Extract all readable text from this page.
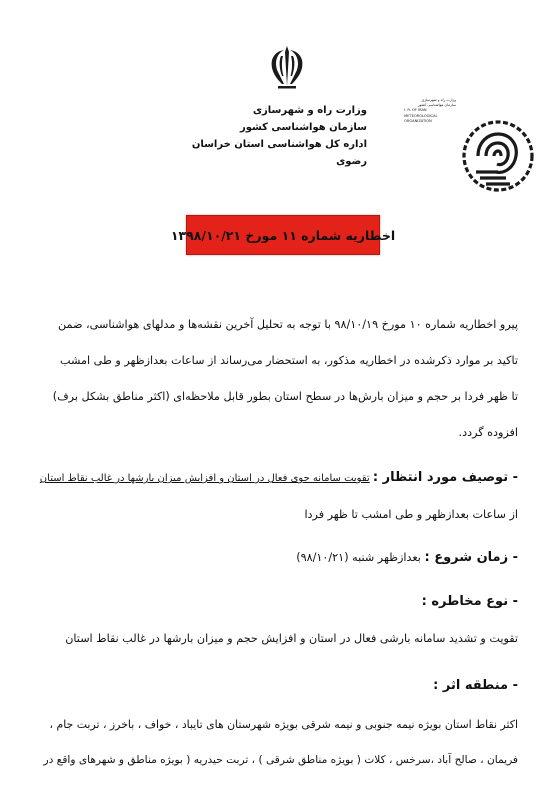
وزارت راه و شهرسازی
سازمان هواشناسی کشور
اداره کل هواشناسی استان خراسان رضوی
وزارت راه و شهرسازی
سازمان هواشناسی کشور
I. R. OF IRAN
METEOROLOGICAL
ORGANIZATION
اخطاریه شماره ۱۱ مورخ ۱۳۹۸/۱۰/۲۱
پیرو اخطاریه شماره ۱۰ مورخ ۹۸/۱۰/۱۹ با توجه به تحلیل آخرین نقشه‌ها و مدلهای هواشناسی، ضمن
تاکید بر موارد ذکرشده در اخطاریه مذکور، به استحضار می‌رساند از ساعات بعدازظهر و طی امشب
تا ظهر فردا بر حجم و میزان بارش‌ها در سطح استان بطور قابل ملاحظه‌ای (اکثر مناطق بشکل برف)
افزوده گردد.
- توصیف مورد انتظار : تقویت سامانه جوی فعال در استان و افزایش میزان بارشها در غالب نقاط استان
از ساعات بعدازظهر و طی امشب تا ظهر فردا
- زمان شروع : بعدازظهر شنبه (۹۸/۱۰/۲۱)
- نوع مخاطره :
تقویت و تشدید سامانه بارشی فعال در استان و افزایش حجم و میزان بارشها در غالب نقاط استان
- منطقه اثر :
اکثر نقاط استان بویژه نیمه جنوبی و نیمه شرقی بویژه شهرستان های تایباد ، خواف ، باخرز ، تربت جام ،
فریمان ، صالح آباد ،سرخس ، کلات ( بویژه مناطق شرقی ) ، تربت حیدریه ( بویژه مناطق و شهرهای واقع در
